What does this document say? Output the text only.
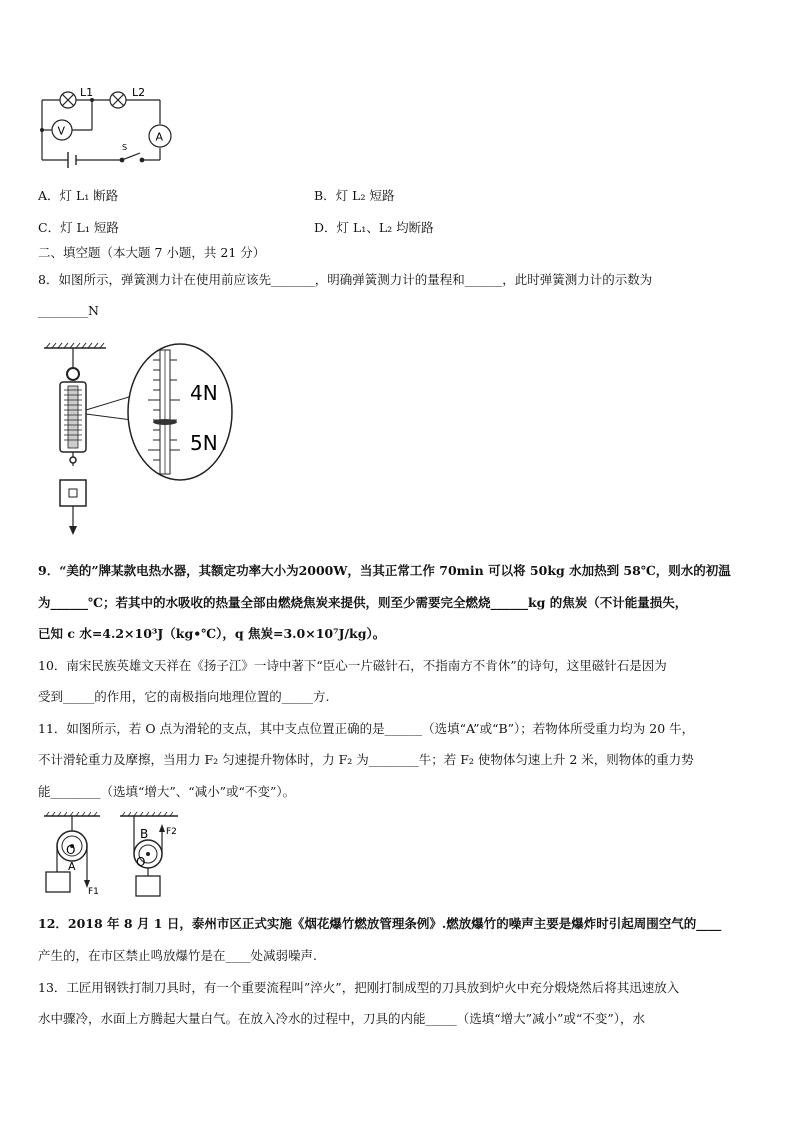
L1	L2
V	A
S
A．灯 L₁ 断路	B．灯 L₂ 短路
C．灯 L₁ 短路	D．灯 L₁、L₂ 均断路
二、填空题（本大题 7 小题，共 21 分）
8．如图所示，弹簧测力计在使用前应该先_______，明确弹簧测力计的量程和______，此时弹簧测力计的示数为
________N
4N
5N
9．“美的”牌某款电热水器，其额定功率大小为2000W，当其正常工作 70min 可以将 50kg 水加热到 58℃，则水的初温
为______℃；若其中的水吸收的热量全部由燃烧焦炭来提供，则至少需要完全燃烧______kg 的焦炭（不计能量损失，
已知 c 水=4.2×10³J（kg•℃），q 焦炭=3.0×10⁷J/kg）。
10．南宋民族英雄文天祥在《扬子江》一诗中著下“臣心一片磁针石，不指南方不肯休”的诗句，这里磁针石是因为
受到_____的作用，它的南极指向地理位置的_____方.
11．如图所示，若 O 点为滑轮的支点，其中支点位置正确的是______（选填“A”或“B”）；若物体所受重力均为 20 牛，
不计滑轮重力及摩擦，当用力 F₂ 匀速提升物体时，力 F₂ 为________牛；若 F₂ 使物体匀速上升 2 米，则物体的重力势
能________（选填“增大”、“减小”或“不变”）。
O
A
F1
B
O
F2
12．2018 年 8 月 1 日，泰州市区正式实施《烟花爆竹燃放管理条例》.燃放爆竹的噪声主要是爆炸时引起周围空气的____
产生的，在市区禁止鸣放爆竹是在____处减弱噪声.
13．工匠用钢铁打制刀具时，有一个重要流程叫”淬火”，把刚打制成型的刀具放到炉火中充分煅烧然后将其迅速放入
水中骤冷，水面上方腾起大量白气。在放入冷水的过程中，刀具的内能_____（选填“增大”减小”或“不变”），水
